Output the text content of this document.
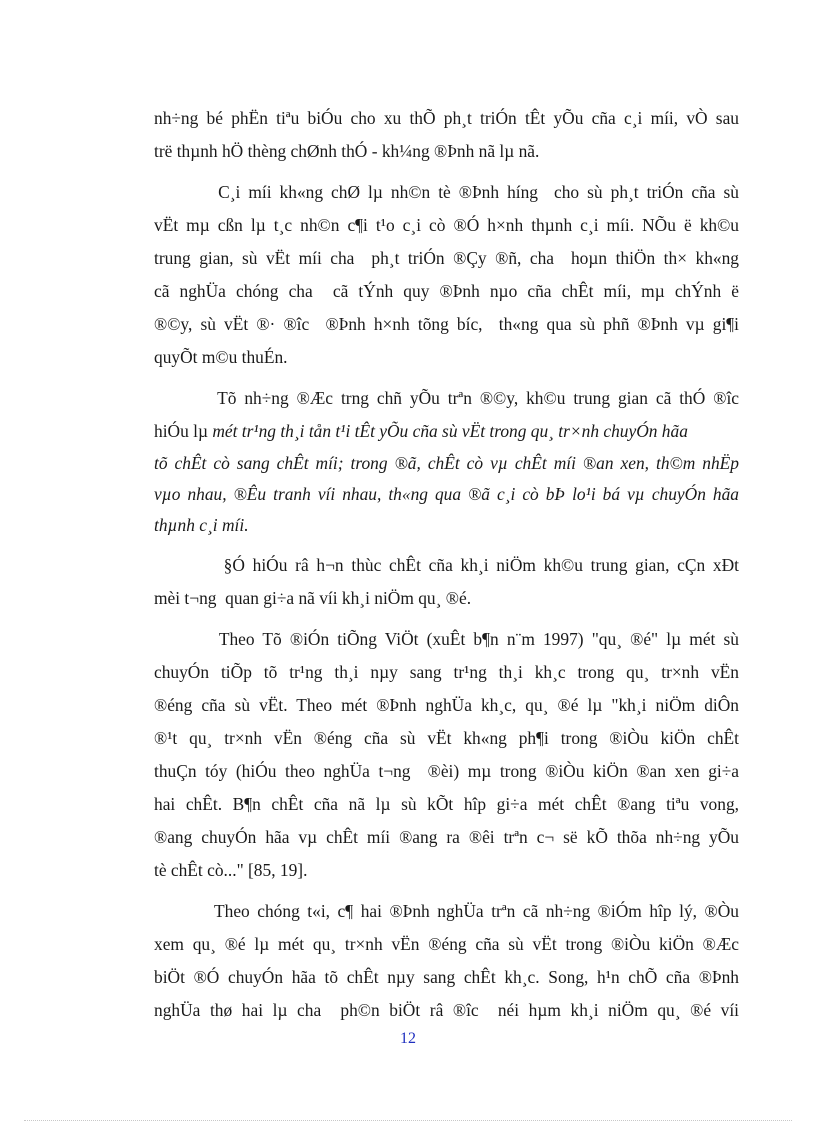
nh÷ng bé phËn tiªu biÓu cho xu thÕ ph¸t triÓn tÊt yÕu cña c¸i míi, vÒ sau
trë thµnh hÖ thèng chØnh thÓ - kh¼ng ®Þnh nã lµ nã.
C¸i míi kh«ng chØ lµ nh©n tè ®Þnh híng  cho sù ph¸t triÓn cña sù
vËt mµ cßn lµ t¸c nh©n c¶i t¹o c¸i cò ®Ó h×nh thµnh c¸i míi. NÕu ë kh©u
trung gian, sù vËt míi cha  ph¸t triÓn ®Çy ®ñ, cha  hoµn thiÖn th× kh«ng
cã nghÜa chóng cha  cã tÝnh quy ®Þnh nµo cña chÊt míi, mµ chÝnh ë
®©y, sù vËt ®· ®îc  ®Þnh h×nh tõng bíc,  th«ng qua sù phñ ®Þnh vµ gi¶i
quyÕt m©u thuÉn.
Tõ nh÷ng ®Æc trng chñ yÕu trªn ®©y, kh©u trung gian cã thÓ ®îc
hiÓu lµ mét tr¹ng th¸i tån t¹i tÊt yÕu cña sù vËt trong qu¸ tr×nh chuyÓn hãa
tõ chÊt cò sang chÊt míi; trong ®ã, chÊt cò vµ chÊt míi ®an xen, th©m nhËp
vµo nhau, ®Êu tranh víi nhau, th«ng qua ®ã c¸i cò bÞ lo¹i bá vµ chuyÓn hãa
thµnh c¸i míi.
§Ó hiÓu râ h¬n thùc chÊt cña kh¸i niÖm kh©u trung gian, cÇn xÐt
mèi t¬ng  quan gi÷a nã víi kh¸i niÖm qu¸ ®é.
Theo Tõ ®iÓn tiÕng ViÖt (xuÊt b¶n n¨m 1997) "qu¸ ®é" lµ mét sù
chuyÓn tiÕp tõ tr¹ng th¸i nµy sang tr¹ng th¸i kh¸c trong qu¸ tr×nh vËn
®éng cña sù vËt. Theo mét ®Þnh nghÜa kh¸c, qu¸ ®é lµ "kh¸i niÖm diÔn
®¹t qu¸ tr×nh vËn ®éng cña sù vËt kh«ng ph¶i trong ®iÒu kiÖn chÊt
thuÇn tóy (hiÓu theo nghÜa t¬ng  ®èi) mµ trong ®iÒu kiÖn ®an xen gi÷a
hai chÊt. B¶n chÊt cña nã lµ sù kÕt hîp gi÷a mét chÊt ®ang tiªu vong,
®ang chuyÓn hãa vµ chÊt míi ®ang ra ®êi trªn c¬ së kÕ thõa nh÷ng yÕu
tè chÊt cò..." [85, 19].
Theo chóng t«i, c¶ hai ®Þnh nghÜa trªn cã nh÷ng ®iÓm hîp lý, ®Òu
xem qu¸ ®é lµ mét qu¸ tr×nh vËn ®éng cña sù vËt trong ®iÒu kiÖn ®Æc
biÖt ®Ó chuyÓn hãa tõ chÊt nµy sang chÊt kh¸c. Song, h¹n chÕ cña ®Þnh
nghÜa thø hai lµ cha  ph©n biÖt râ ®îc  néi hµm kh¸i niÖm qu¸ ®é víi
12
